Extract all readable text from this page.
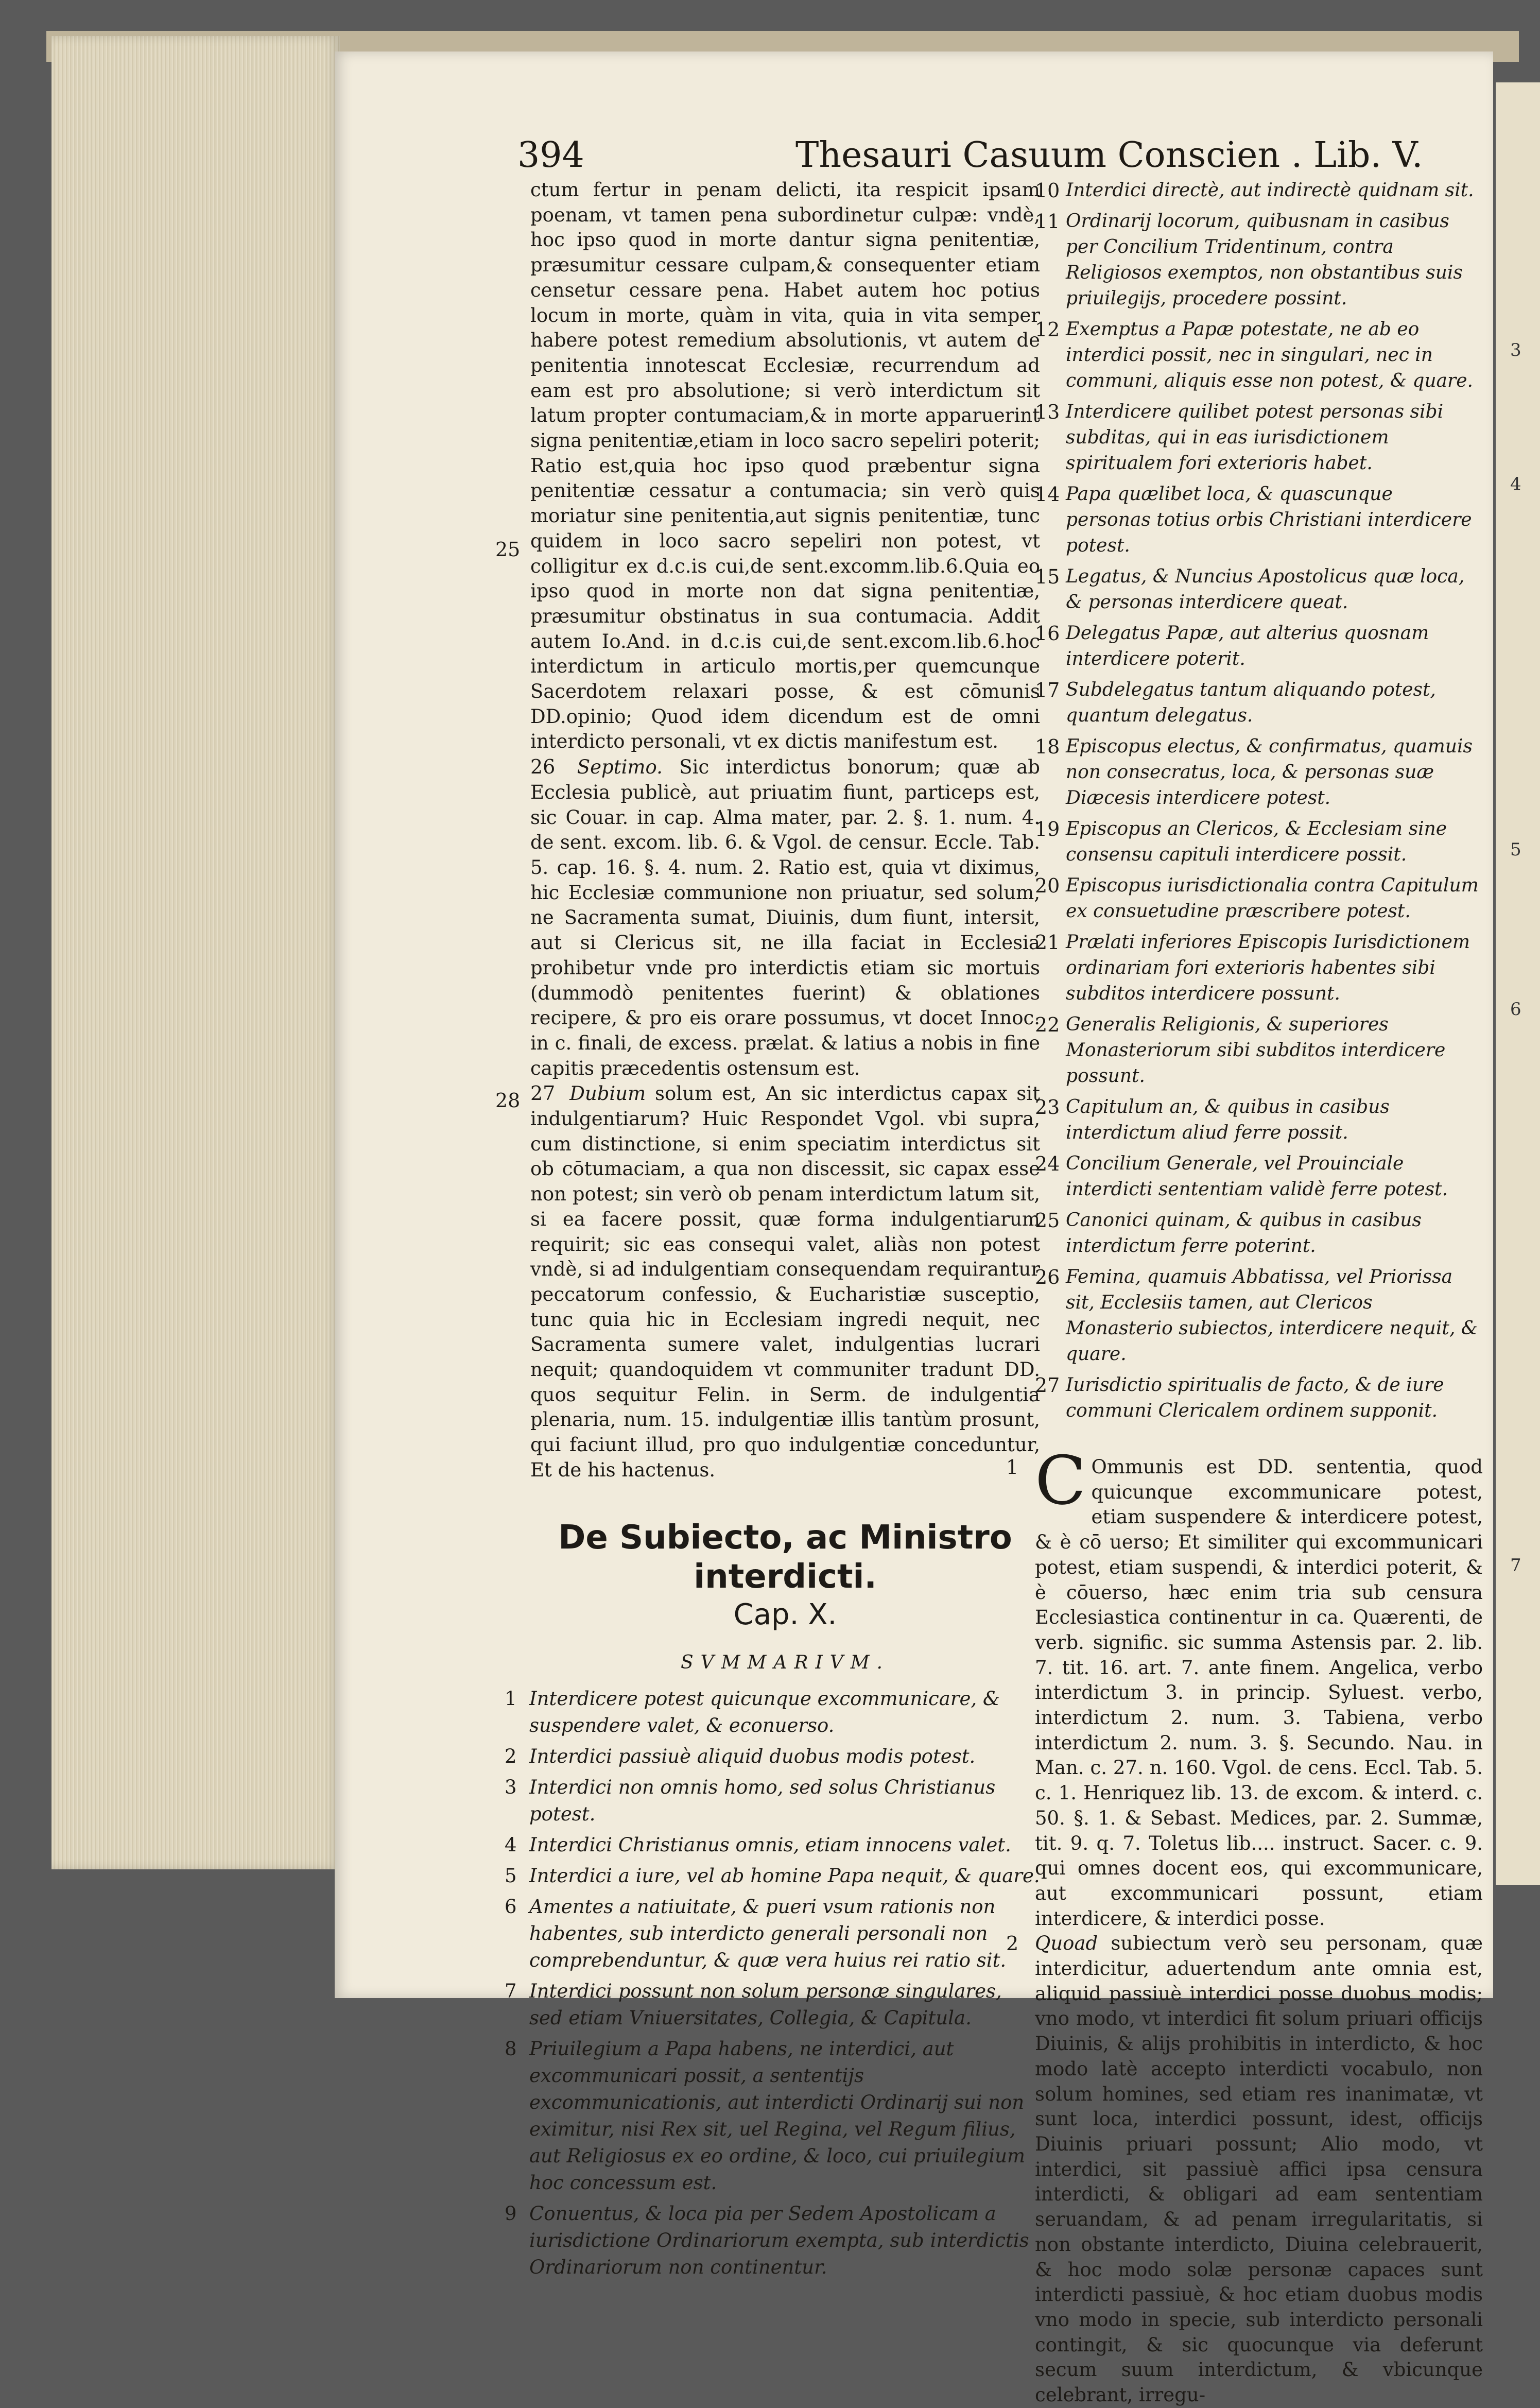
3
4
5
6
7
394	Thesauri Casuum Conscien . Lib. V.

ctum fertur in penam delicti, ita respicit ipsam poenam, vt tamen pena subordinetur culpæ: vndè, hoc ipso quod in morte dantur signa penitentiæ, præsumitur cessare culpam,& consequenter etiam censetur cessare pena. Habet autem hoc potius locum in morte, quàm in vita, quia in vita semper habere potest remedium absolutionis, vt autem de penitentia innotescat Ecclesiæ, recurrendum ad eam est pro absolutione; si verò interdictum sit latum propter contumaciam,& in morte apparuerint signa penitentiæ,etiam in loco sacro sepeliri poterit; Ratio est,quia hoc ipso quod præbentur signa penitentiæ cessatur a contumacia; sin verò quis moriatur sine penitentia,aut signis penitentiæ, tunc quidem in loco sacro sepeliri non potest, vt colligitur ex d.c.is cui,de sent.excomm.lib.6.Quia eo ipso quod in morte non dat signa penitentiæ, præsumitur obstinatus in sua contumacia. Addit autem Io.And. in d.c.is cui,de sent.excom.lib.6.hoc interdictum in articulo mortis,per quemcunque Sacerdotem relaxari posse, & est cōmunis DD.opinio; Quod idem dicendum est de omni interdicto personali, vt ex dictis manifestum est.

25

26 Septimo. Sic interdictus bonorum; quæ ab Ecclesia publicè, aut priuatim fiunt, particeps est, sic Couar. in cap. Alma mater, par. 2. §. 1. num. 4. de sent. excom. lib. 6. & Vgol. de censur. Eccle. Tab. 5. cap. 16. §. 4. num. 2. Ratio est, quia vt diximus, hic Ecclesiæ communione non priuatur, sed solum, ne Sacramenta sumat, Diuinis, dum fiunt, intersit, aut si Clericus sit, ne illa faciat in Ecclesia prohibetur vnde pro interdictis etiam sic mortuis (dummodò penitentes fuerint) & oblationes recipere, & pro eis orare possumus, vt docet Innoc. in c. finali, de excess. prælat. & latius a nobis in fine capitis præcedentis ostensum est.

27 Dubium solum est, An sic interdictus capax sit indulgentiarum? Huic Respondet Vgol. vbi supra, cum distinctione, si enim speciatim interdictus sit ob cōtumaciam, a qua non discessit, sic capax esse non potest; sin verò ob penam interdictum latum sit, si ea facere possit, quæ forma indulgentiarum requirit; sic eas consequi valet, aliàs non potest vndè, si ad indulgentiam consequendam requirantur peccatorum confessio, & Eucharistiæ susceptio, tunc quia hic in Ecclesiam ingredi nequit, nec Sacramenta sumere valet, indulgentias lucrari nequit; quandoquidem vt communiter tradunt DD. quos sequitur Felin. in Serm. de indulgentia plenaria, num. 15. indulgentiæ illis tantùm prosunt, qui faciunt illud, pro quo indulgentiæ conceduntur, Et de his hactenus.

28
De Subiecto, ac Ministro interdicti.

Cap. X.

SVMMARIVM.

1 Interdicere potest quicunque excommunicare, & suspendere valet, & econuerso.
2 Interdici passiuè aliquid duobus modis potest.
3 Interdici non omnis homo, sed solus Christianus potest.
4 Interdici Christianus omnis, etiam innocens valet.
5 Interdici a iure, vel ab homine Papa nequit, & quare.
6 Amentes a natiuitate, & pueri vsum rationis non habentes, sub interdicto generali personali non comprebenduntur, & quæ vera huius rei ratio sit.
7 Interdici possunt non solum personæ singulares, sed etiam Vniuersitates, Collegia, & Capitula.
8 Priuilegium a Papa habens, ne interdici, aut excommunicari possit, a sententijs excommunicationis, aut interdicti Ordinarij sui non eximitur, nisi Rex sit, uel Regina, vel Regum filius, aut Religiosus ex eo ordine, & loco, cui priuilegium hoc concessum est.
9 Conuentus, & loca pia per Sedem Apostolicam a iurisdictione Ordinariorum exempta, sub interdictis Ordinariorum non continentur.
10 Interdici directè, aut indirectè quidnam sit.
11 Ordinarij locorum, quibusnam in casibus per Concilium Tridentinum, contra Religiosos exemptos, non obstantibus suis priuilegijs, procedere possint.
12 Exemptus a Papæ potestate, ne ab eo interdici possit, nec in singulari, nec in communi, aliquis esse non potest, & quare.
13 Interdicere quilibet potest personas sibi subditas, qui in eas iurisdictionem spiritualem fori exterioris habet.
14 Papa quælibet loca, & quascunque personas totius orbis Christiani interdicere potest.
15 Legatus, & Nuncius Apostolicus quæ loca, & personas interdicere queat.
16 Delegatus Papæ, aut alterius quosnam interdicere poterit.
17 Subdelegatus tantum aliquando potest, quantum delegatus.
18 Episcopus electus, & confirmatus, quamuis non consecratus, loca, & personas suæ Diæcesis interdicere potest.
19 Episcopus an Clericos, & Ecclesiam sine consensu capituli interdicere possit.
20 Episcopus iurisdictionalia contra Capitulum ex consuetudine præscribere potest.
21 Prælati inferiores Episcopis Iurisdictionem ordinariam fori exterioris habentes sibi subditos interdicere possunt.
22 Generalis Religionis, & superiores Monasteriorum sibi subditos interdicere possunt.
23 Capitulum an, & quibus in casibus interdictum aliud ferre possit.
24 Concilium Generale, vel Prouinciale interdicti sententiam validè ferre potest.
25 Canonici quinam, & quibus in casibus interdictum ferre poterint.
26 Femina, quamuis Abbatissa, vel Priorissa sit, Ecclesiis tamen, aut Clericos Monasterio subiectos, interdicere nequit, & quare.
27 Iurisdictio spiritualis de facto, & de iure communi Clericalem ordinem supponit.

1 C Ommunis est DD. sententia, quod quicunque excommunicare potest, etiam suspendere & interdicere potest, & è cō uerso; Et similiter qui excommunicari potest, etiam suspendi, & interdici poterit, & è cōuerso, hæc enim tria sub censura Ecclesiastica continentur in ca. Quærenti, de verb. signific. sic summa Astensis par. 2. lib. 7. tit. 16. art. 7. ante finem. Angelica, verbo interdictum 3. in princip. Syluest. verbo, interdictum 2. num. 3. Tabiena, verbo interdictum 2. num. 3. §. Secundo. Nau. in Man. c. 27. n. 160. Vgol. de cens. Eccl. Tab. 5. c. 1. Henriquez lib. 13. de excom. & interd. c. 50. §. 1. & Sebast. Medices, par. 2. Summæ, tit. 9. q. 7. Toletus lib.... instruct. Sacer. c. 9. qui omnes docent eos, qui excommunicare, aut excommunicari possunt, etiam interdicere, & interdici posse.

2 Quoad subiectum verò seu personam, quæ interdicitur, aduertendum ante omnia est, aliquid passiuè interdici posse duobus modis; vno modo, vt interdici fit solum priuari officijs Diuinis, & alijs prohibitis in interdicto, & hoc modo latè accepto interdicti vocabulo, non solum homines, sed etiam res inanimatæ, vt sunt loca, interdici possunt, idest, officijs Diuinis priuari possunt; Alio modo, vt interdici, sit passiuè affici ipsa censura interdicti, & obligari ad eam sententiam seruandam, & ad penam irregularitatis, si non obstante interdicto, Diuina celebrauerit, & hoc modo solæ personæ capaces sunt interdicti passiuè, & hoc etiam duobus modis vno modo in specie, sub interdicto personali contingit, & sic quocunque via deferunt secum suum interdictum, & vbicunque celebrant, irregu-
